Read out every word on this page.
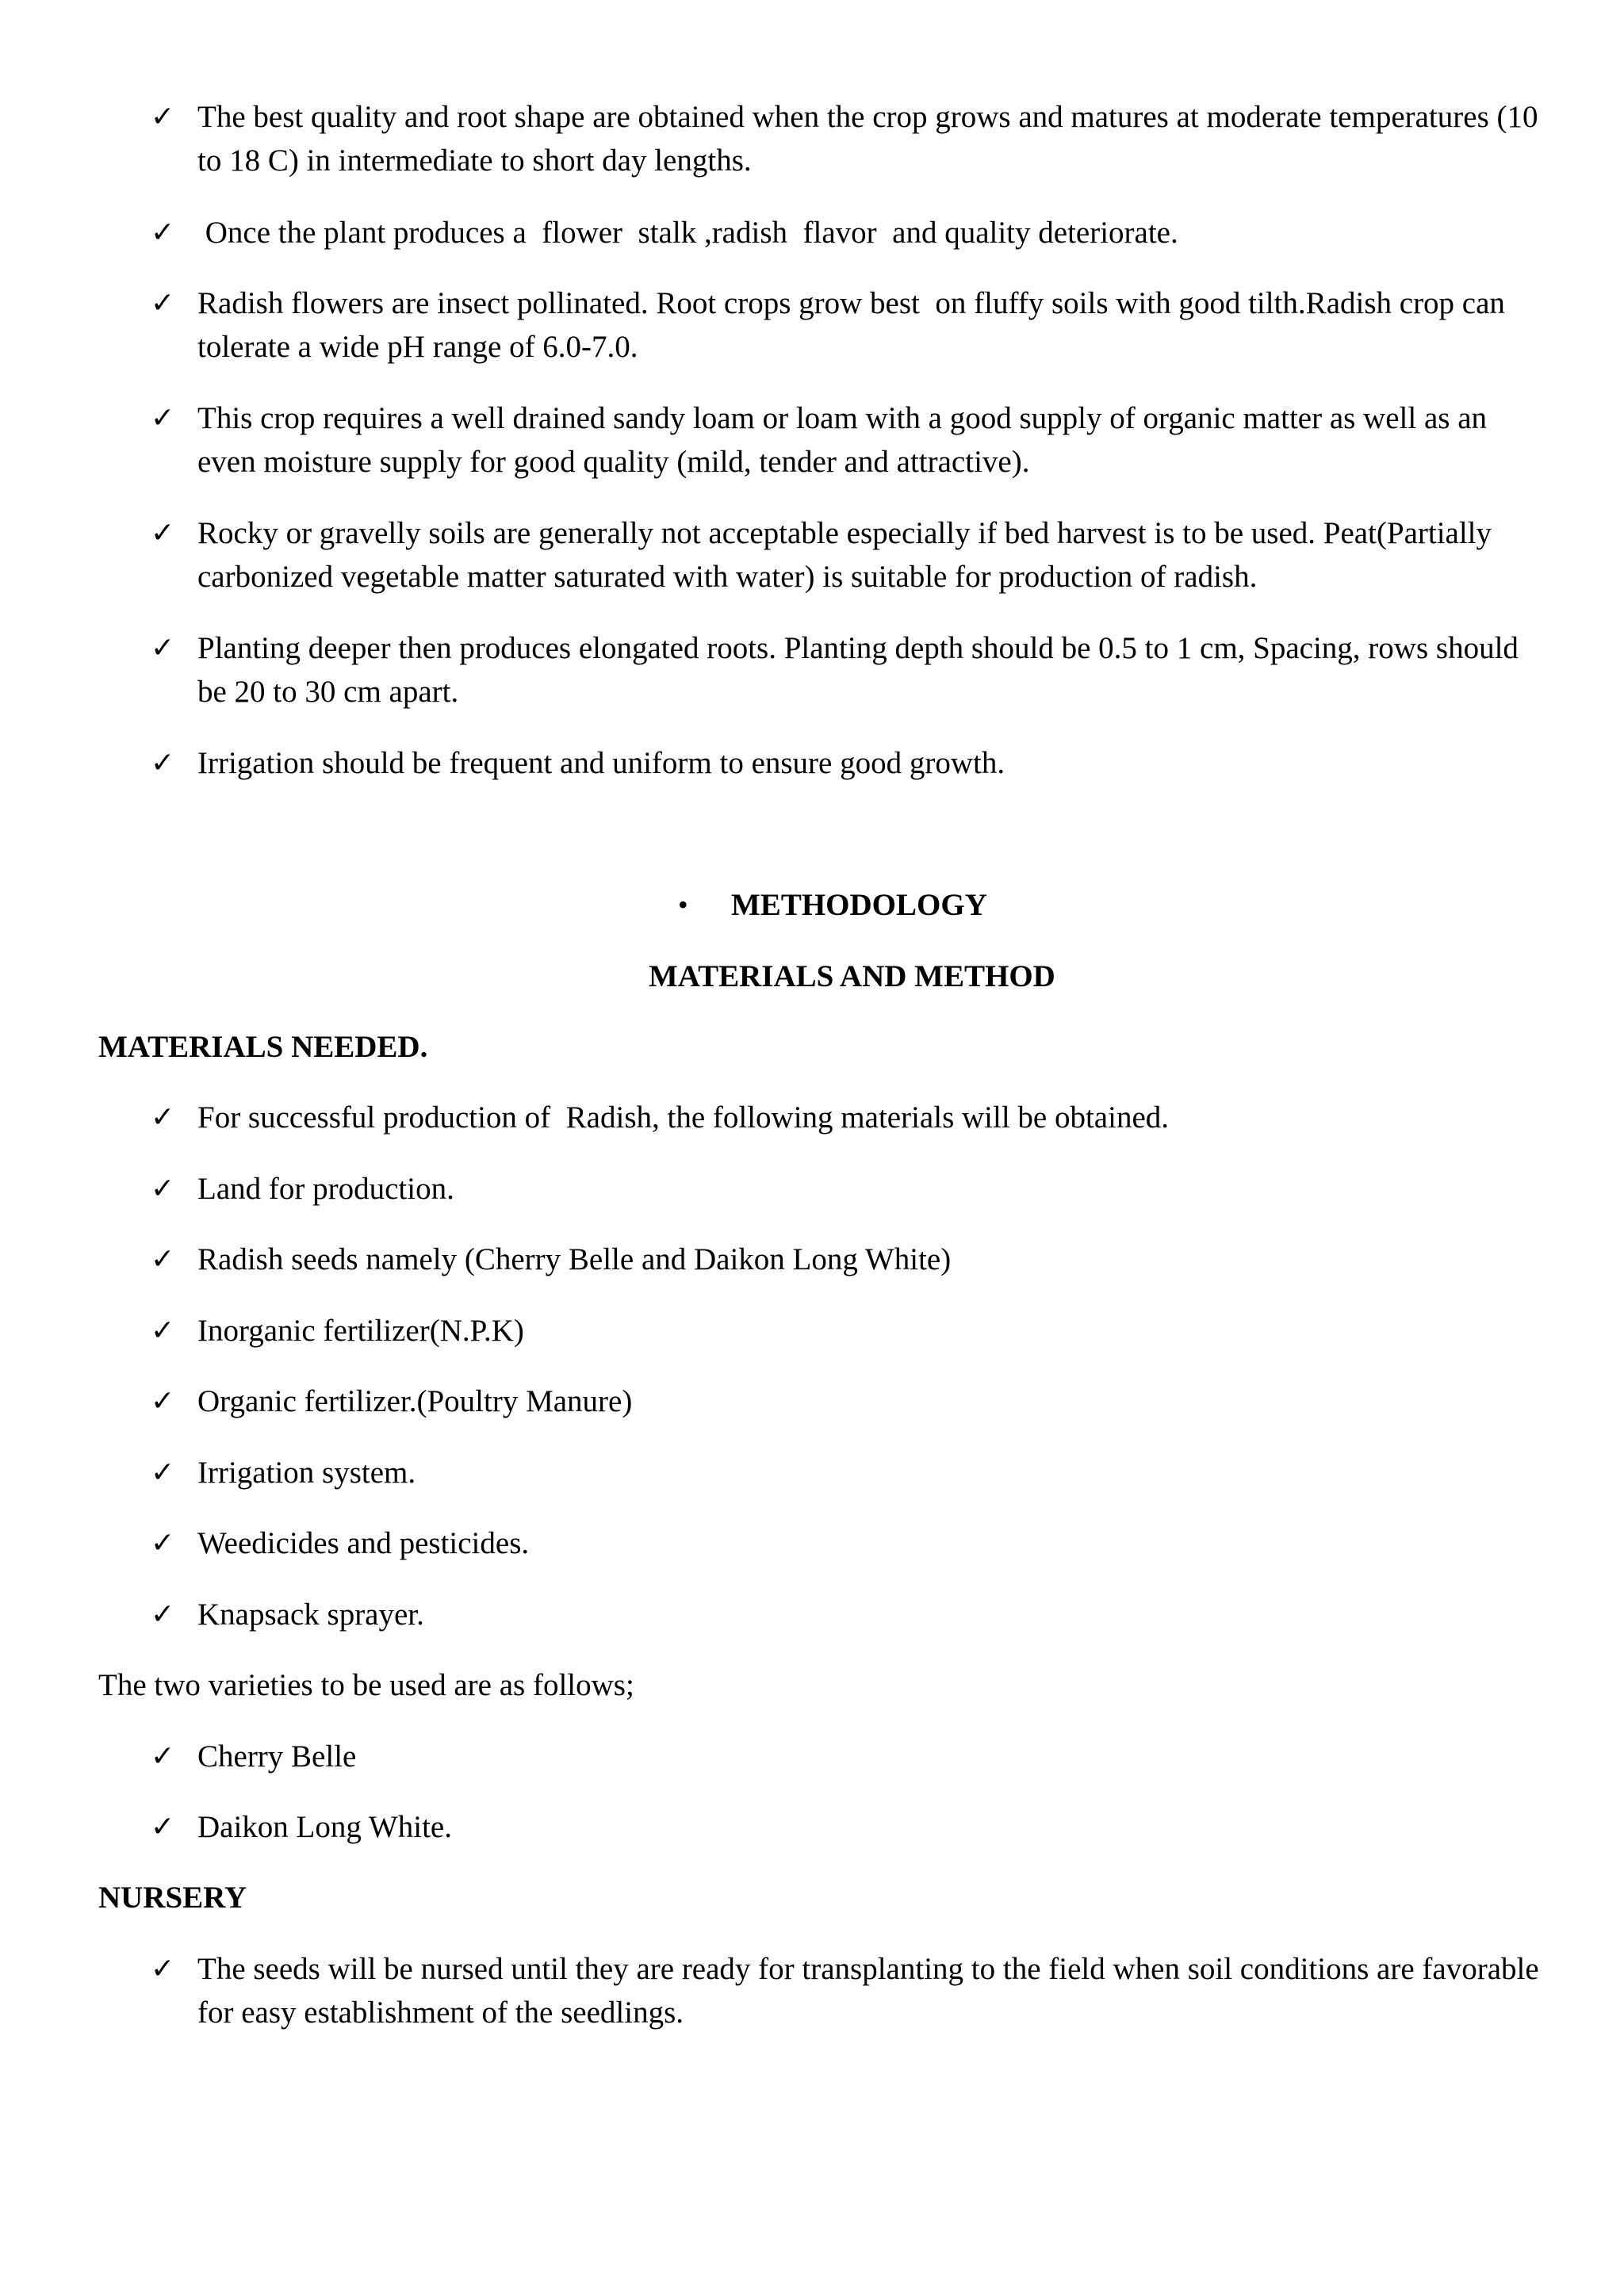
✓ The best quality and root shape are obtained when the crop grows and matures at moderate temperatures (10 to 18 C) in intermediate to short day lengths.
✓ Once the plant produces a  flower  stalk ,radish  flavor  and quality deteriorate.
✓ Radish flowers are insect pollinated. Root crops grow best  on fluffy soils with good tilth.Radish crop can tolerate a wide pH range of 6.0-7.0.
✓ This crop requires a well drained sandy loam or loam with a good supply of organic matter as well as an even moisture supply for good quality (mild, tender and attractive).
✓ Rocky or gravelly soils are generally not acceptable especially if bed harvest is to be used. Peat(Partially carbonized vegetable matter saturated with water) is suitable for production of radish.
✓ Planting deeper then produces elongated roots. Planting depth should be 0.5 to 1 cm, Spacing, rows should be 20 to 30 cm apart.
✓ Irrigation should be frequent and uniform to ensure good growth.
• METHODOLOGY
MATERIALS AND METHOD
MATERIALS NEEDED.
✓ For successful production of  Radish, the following materials will be obtained.
✓ Land for production.
✓ Radish seeds namely (Cherry Belle and Daikon Long White)
✓ Inorganic fertilizer(N.P.K)
✓ Organic fertilizer.(Poultry Manure)
✓ Irrigation system.
✓ Weedicides and pesticides.
✓ Knapsack sprayer.
The two varieties to be used are as follows;
✓ Cherry Belle
✓ Daikon Long White.
NURSERY
✓ The seeds will be nursed until they are ready for transplanting to the field when soil conditions are favorable for easy establishment of the seedlings.
